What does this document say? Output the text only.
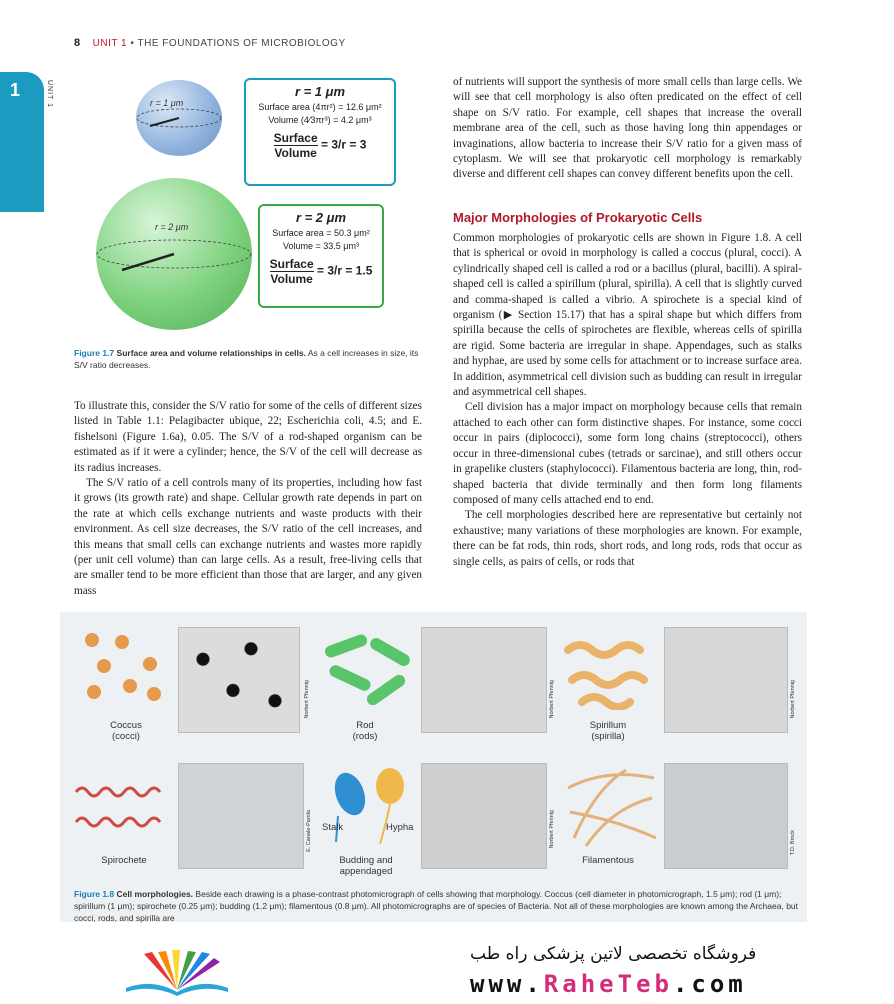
8 UNIT 1 • THE FOUNDATIONS OF MICROBIOLOGY
1	UNIT 1	r = 1 μm
r = 1 μm
Surface area (4πr²) = 12.6 μm²
Volume (4⁄3πr³) = 4.2 μm³
Surface
Volume
= 3/r = 3
r = 2 μm
r = 2 μm
Surface area = 50.3 μm²
Volume = 33.5 μm³
Surface
Volume
= 3/r = 1.5
Figure 1.7 Surface area and volume relationships in cells. As a cell increases in size, its S/V ratio decreases.

To illustrate this, consider the S/V ratio for some of the cells of different sizes listed in Table 1.1: Pelagibacter ubique, 22; Escherichia coli, 4.5; and E. fishelsoni (Figure 1.6a), 0.05. The S/V of a rod-shaped organism can be estimated as if it were a cylinder; hence, the S/V of the cell will decrease as its radius increases.

The S/V ratio of a cell controls many of its properties, including how fast it grows (its growth rate) and shape. Cellular growth rate depends in part on the rate at which cells exchange nutrients and waste products with their environment. As cell size decreases, the S/V ratio of the cell increases, and this means that small cells can exchange nutrients and wastes more rapidly (per unit cell volume) than can large cells. As a result, free-living cells that are smaller tend to be more efficient than those that are larger, and any given mass

of nutrients will support the synthesis of more small cells than large cells. We will see that cell morphology is also often predicated on the effect of cell shape on S/V ratio. For example, cell shapes that increase the overall membrane area of the cell, such as those having long thin appendages or invaginations, allow bacteria to increase their S/V ratio for a given mass of cytoplasm. We will see that prokaryotic cell morphology is remarkably diverse and different cell shapes can convey different benefits upon the cell.

Major Morphologies of Prokaryotic Cells

Common morphologies of prokaryotic cells are shown in Figure 1.8. A cell that is spherical or ovoid in morphology is called a coccus (plural, cocci). A cylindrically shaped cell is called a rod or a bacillus (plural, bacilli). A spiral-shaped cell is called a spirillum (plural, spirilla). A cell that is slightly curved and comma-shaped is called a vibrio. A spirochete is a special kind of organism (▶ Section 15.17) that has a spiral shape but which differs from spirilla because the cells of spirochetes are flexible, whereas cells of spirilla are rigid. Some bacteria are irregular in shape. Appendages, such as stalks and hyphae, are used by some cells for attachment or to increase surface area. In addition, asymmetrical cell division such as budding can result in irregular and asymmetrical cell shapes.

Cell division has a major impact on morphology because cells that remain attached to each other can form distinctive shapes. For instance, some cocci occur in pairs (diplococci), some form long chains (streptococci), others occur in three-dimensional cubes (tetrads or sarcinae), and still others occur in grapelike clusters (staphylococci). Filamentous bacteria are long, thin, rod-shaped bacteria that divide terminally and then form long filaments composed of many cells attached end to end.

The cell morphologies described here are representative but certainly not exhaustive; many variations of these morphologies are known. For example, there can be fat rods, thin rods, short rods, and long rods, rods that occur as single cells, as pairs of cells, or rods that

Coccus
(cocci)
Norbert Pfennig
Rod
(rods)
Norbert Pfennig
Spirillum
(spirilla)
Norbert Pfennig
Spirochete
E. Canale-Parola Stalk	Hypha
Budding and
appendaged
Norbert Pfennig
Filamentous
T.D. Brock
Figure 1.8 Cell morphologies. Beside each drawing is a phase-contrast photomicrograph of cells showing that morphology. Coccus (cell diameter in photomicrograph, 1.5 μm); rod (1 μm); spirillum (1 μm); spirochete (0.25 μm); budding (1.2 μm); filamentous (0.8 μm). All photomicrographs are of species of Bacteria. Not all of these morphologies are known among the Archaea, but cocci, rods, and spirilla are
فروشگاه تخصصی لاتین پزشکی راه طب
www.RaheTeb.com
